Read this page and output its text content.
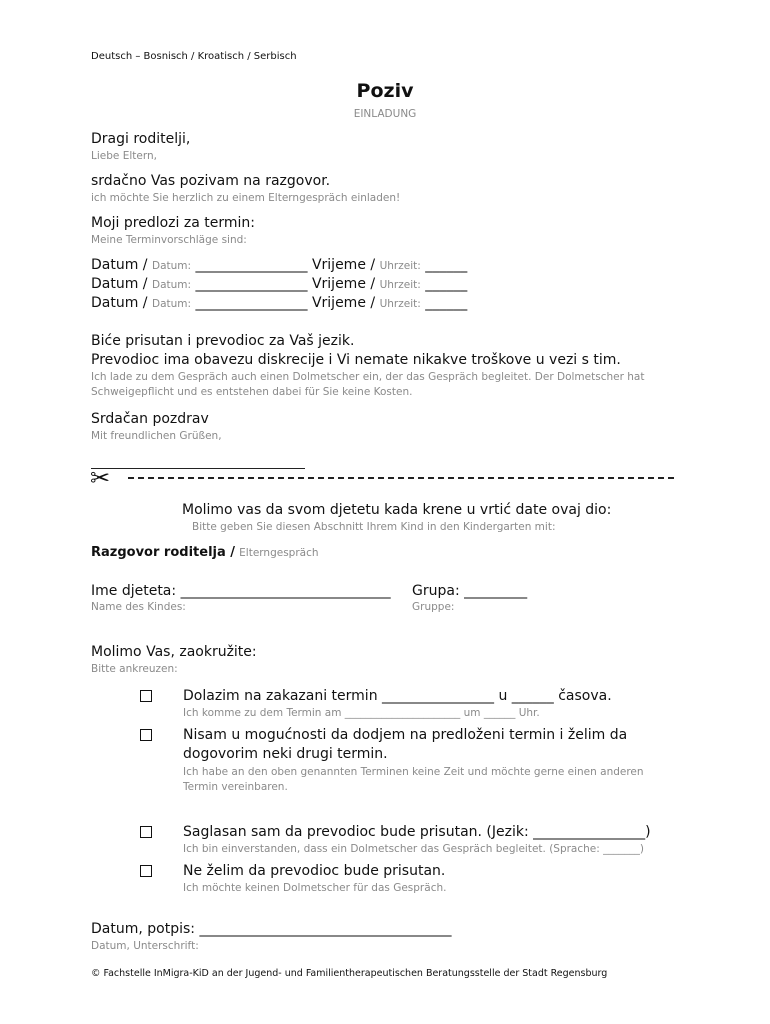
Deutsch – Bosnisch / Kroatisch / Serbisch
Poziv
EINLADUNG
Dragi roditelji,
Liebe Eltern,
srdačno Vas pozivam na razgovor.
ich möchte Sie herzlich zu einem Elterngespräch einladen!
Moji predlozi za termin:
Meine Terminvorschläge sind:
Datum / Datum: ________________ Vrijeme / Uhrzeit: ______
Datum / Datum: ________________ Vrijeme / Uhrzeit: ______
Datum / Datum: ________________ Vrijeme / Uhrzeit: ______
Biće prisutan i prevodioc za Vaš jezik.
Prevodioc ima obavezu diskrecije i Vi nemate nikakve troškove u vezi s tim.
Ich lade zu dem Gespräch auch einen Dolmetscher ein, der das Gespräch begleitet. Der Dolmetscher hat
Schweigepflicht und es entstehen dabei für Sie keine Kosten.
Srdačan pozdrav
Mit freundlichen Grüßen,
✂
Molimo vas da svom djetetu kada krene u vrtić date ovaj dio:
Bitte geben Sie diesen Abschnitt Ihrem Kind in den Kindergarten mit:
Razgovor roditelja / Elterngespräch
Ime djeteta: ______________________________
Name des Kindes:
Grupa: _________
Gruppe:
Molimo Vas, zaokružite:
Bitte ankreuzen:
Dolazim na zakazani termin ________________ u ______ časova.
Ich komme zu dem Termin am ______________________ um ______ Uhr.
Nisam u mogućnosti da dodjem na predloženi termin i želim da
dogovorim neki drugi termin.
Ich habe an den oben genannten Terminen keine Zeit und möchte gerne einen anderen
Termin vereinbaren.
Saglasan sam da prevodioc bude prisutan. (Jezik: ________________)
Ich bin einverstanden, dass ein Dolmetscher das Gespräch begleitet. (Sprache: _______)
Ne želim da prevodioc bude prisutan.
Ich möchte keinen Dolmetscher für das Gespräch.
Datum, potpis: ____________________________________
Datum, Unterschrift:
© Fachstelle InMigra-KiD an der Jugend- und Familientherapeutischen Beratungsstelle der Stadt Regensburg
